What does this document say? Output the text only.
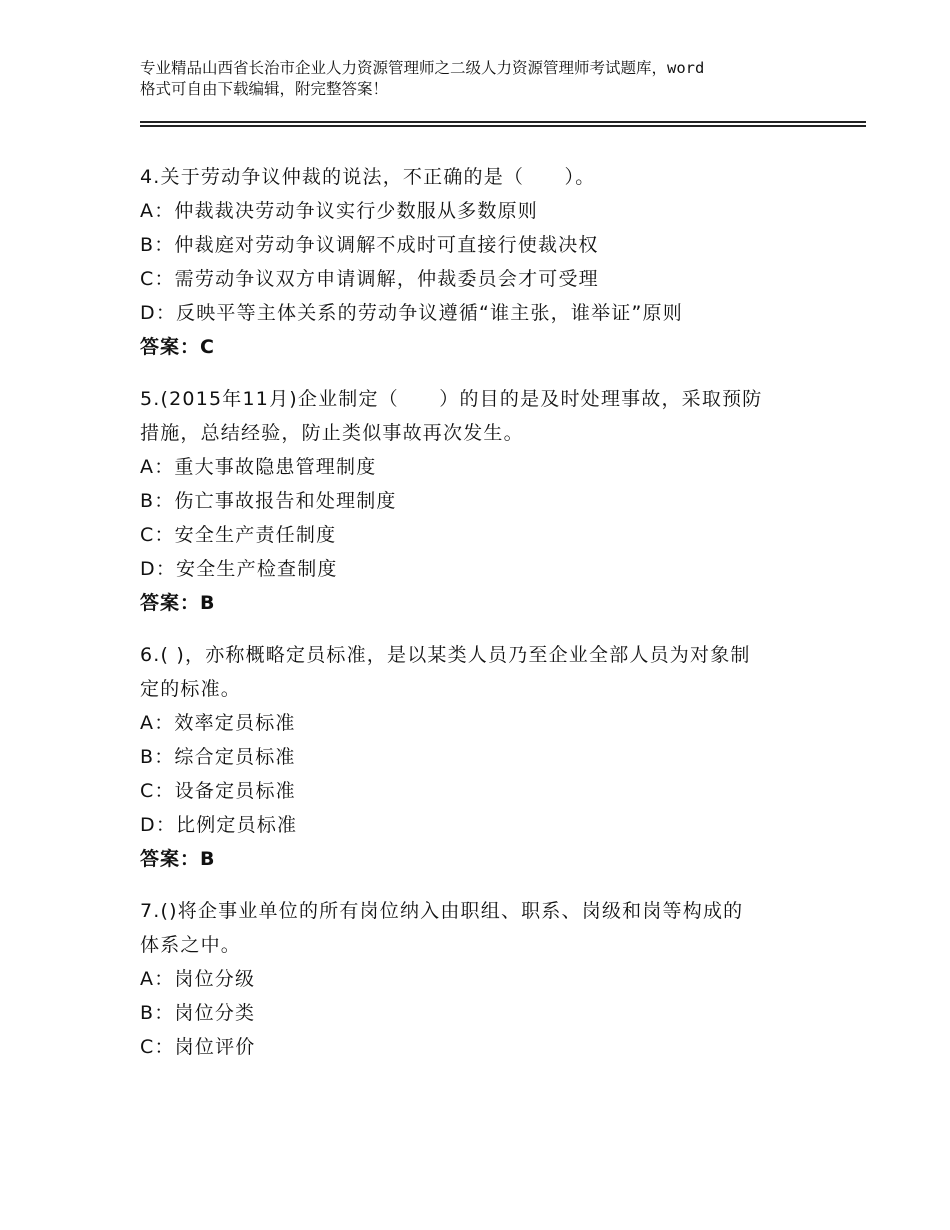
专业精品山西省长治市企业人力资源管理师之二级人力资源管理师考试题库，word
格式可自由下载编辑，附完整答案！
4.关于劳动争议仲裁的说法，不正确的是（　　）。
A：仲裁裁决劳动争议实行少数服从多数原则
B：仲裁庭对劳动争议调解不成时可直接行使裁决权
C：需劳动争议双方申请调解，仲裁委员会才可受理
D：反映平等主体关系的劳动争议遵循“谁主张，谁举证”原则
答案：C
5.(2015年11月)企业制定（　　）的目的是及时处理事故，采取预防
措施，总结经验，防止类似事故再次发生。
A：重大事故隐患管理制度
B：伤亡事故报告和处理制度
C：安全生产责任制度
D：安全生产检查制度
答案：B
6.( )，亦称概略定员标准，是以某类人员乃至企业全部人员为对象制
定的标准。
A：效率定员标准
B：综合定员标准
C：设备定员标准
D：比例定员标准
答案：B
7.()将企事业单位的所有岗位纳入由职组、职系、岗级和岗等构成的
体系之中。
A：岗位分级
B：岗位分类
C：岗位评价
